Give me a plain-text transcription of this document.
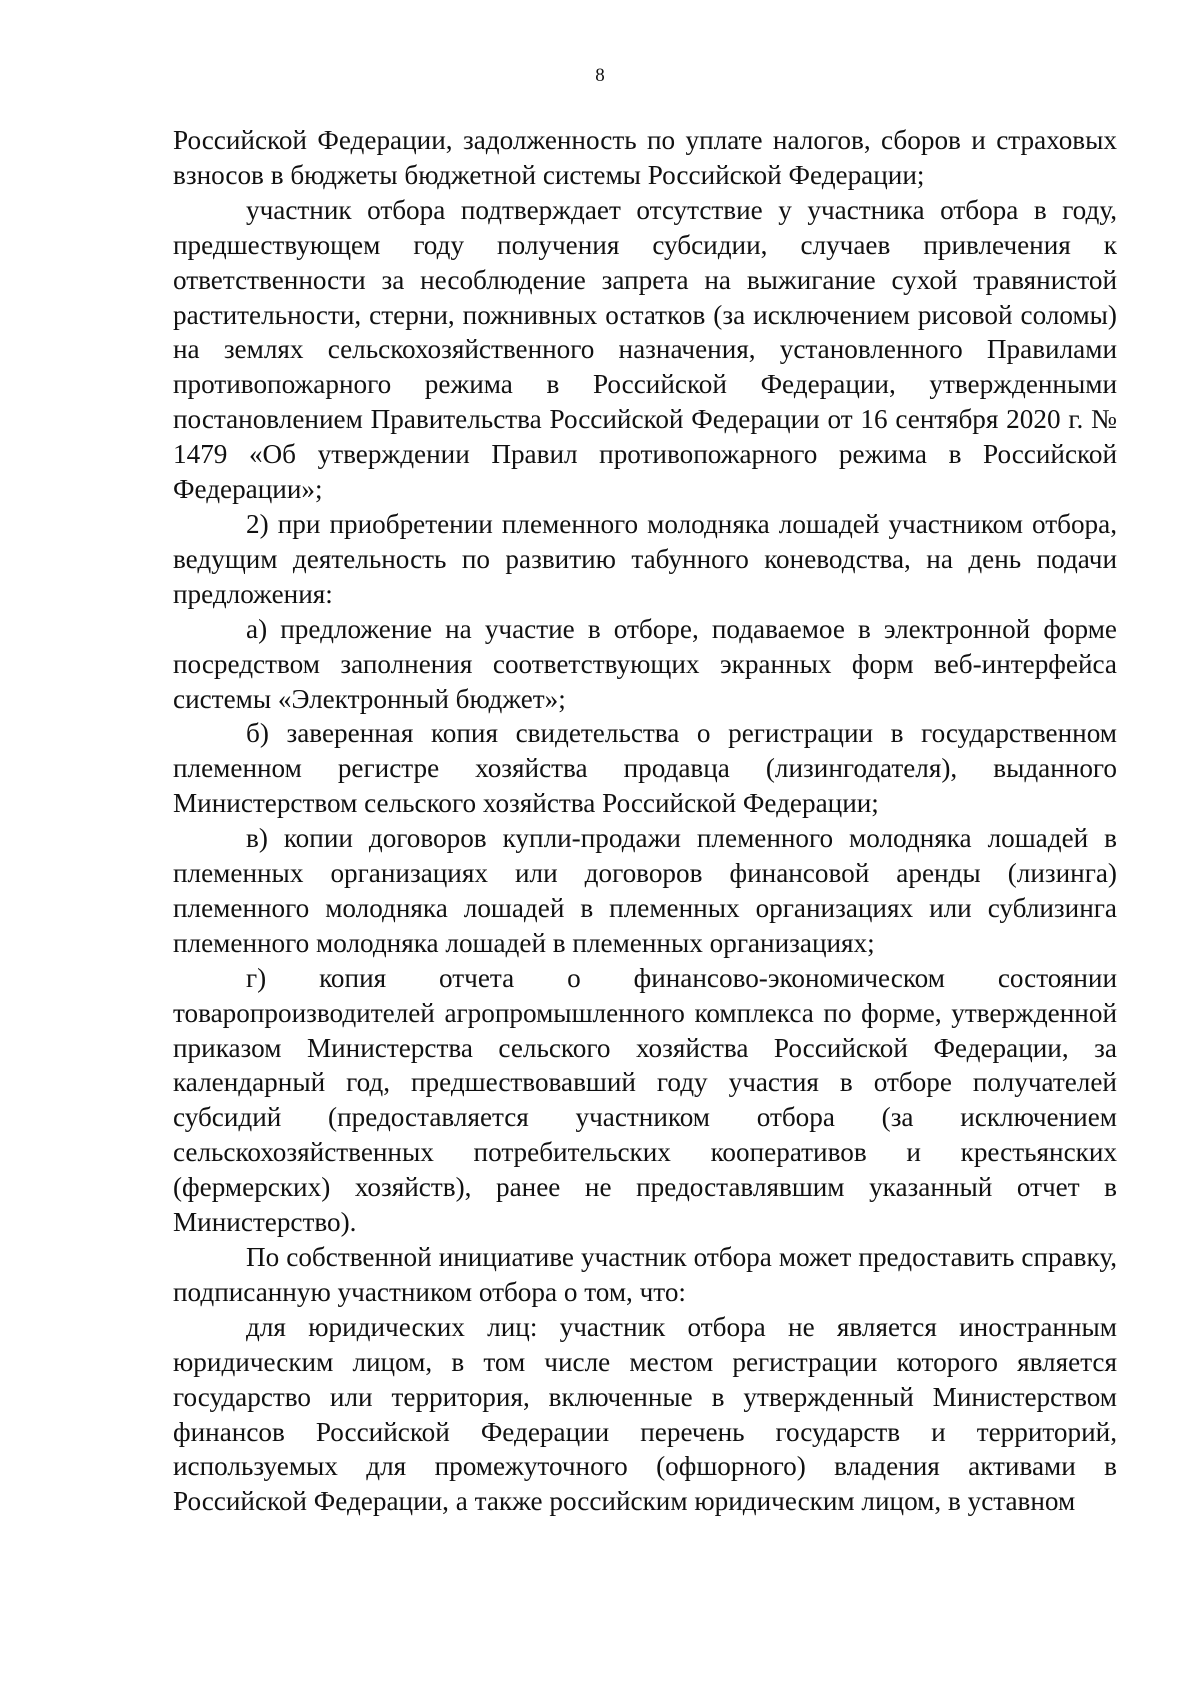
8

Российской Федерации, задолженность по уплате налогов, сборов и страховых взносов в бюджеты бюджетной системы Российской Федерации;

участник отбора подтверждает отсутствие у участника отбора в году, предшествующем году получения субсидии, случаев привлечения к ответственности за несоблюдение запрета на выжигание сухой травянистой растительности, стерни, пожнивных остатков (за исключением рисовой соломы) на землях сельскохозяйственного назначения, установленного Правилами противопожарного режима в Российской Федерации, утвержденными постановлением Правительства Российской Федерации от 16 сентября 2020 г. № 1479 «Об утверждении Правил противопожарного режима в Российской Федерации»;

2) при приобретении племенного молодняка лошадей участником отбора, ведущим деятельность по развитию табунного коневодства, на день подачи предложения:

а) предложение на участие в отборе, подаваемое в электронной форме посредством заполнения соответствующих экранных форм веб-интерфейса системы «Электронный бюджет»;

б) заверенная копия свидетельства о регистрации в государственном племенном регистре хозяйства продавца (лизингодателя), выданного Министерством сельского хозяйства Российской Федерации;

в) копии договоров купли-продажи племенного молодняка лошадей в племенных организациях или договоров финансовой аренды (лизинга) племенного молодняка лошадей в племенных организациях или сублизинга племенного молодняка лошадей в племенных организациях;

г) копия отчета о финансово-экономическом состоянии товаропроизводителей агропромышленного комплекса по форме, утвержденной приказом Министерства сельского хозяйства Российской Федерации, за календарный год, предшествовавший году участия в отборе получателей субсидий (предоставляется участником отбора (за исключением сельскохозяйственных потребительских кооперативов и крестьянских (фермерских) хозяйств), ранее не предоставлявшим указанный отчет в Министерство).

По собственной инициативе участник отбора может предоставить справку, подписанную участником отбора о том, что:

для юридических лиц: участник отбора не является иностранным юридическим лицом, в том числе местом регистрации которого является государство или территория, включенные в утвержденный Министерством финансов Российской Федерации перечень государств и территорий, используемых для промежуточного (офшорного) владения активами в Российской Федерации, а также российским юридическим лицом, в уставном
